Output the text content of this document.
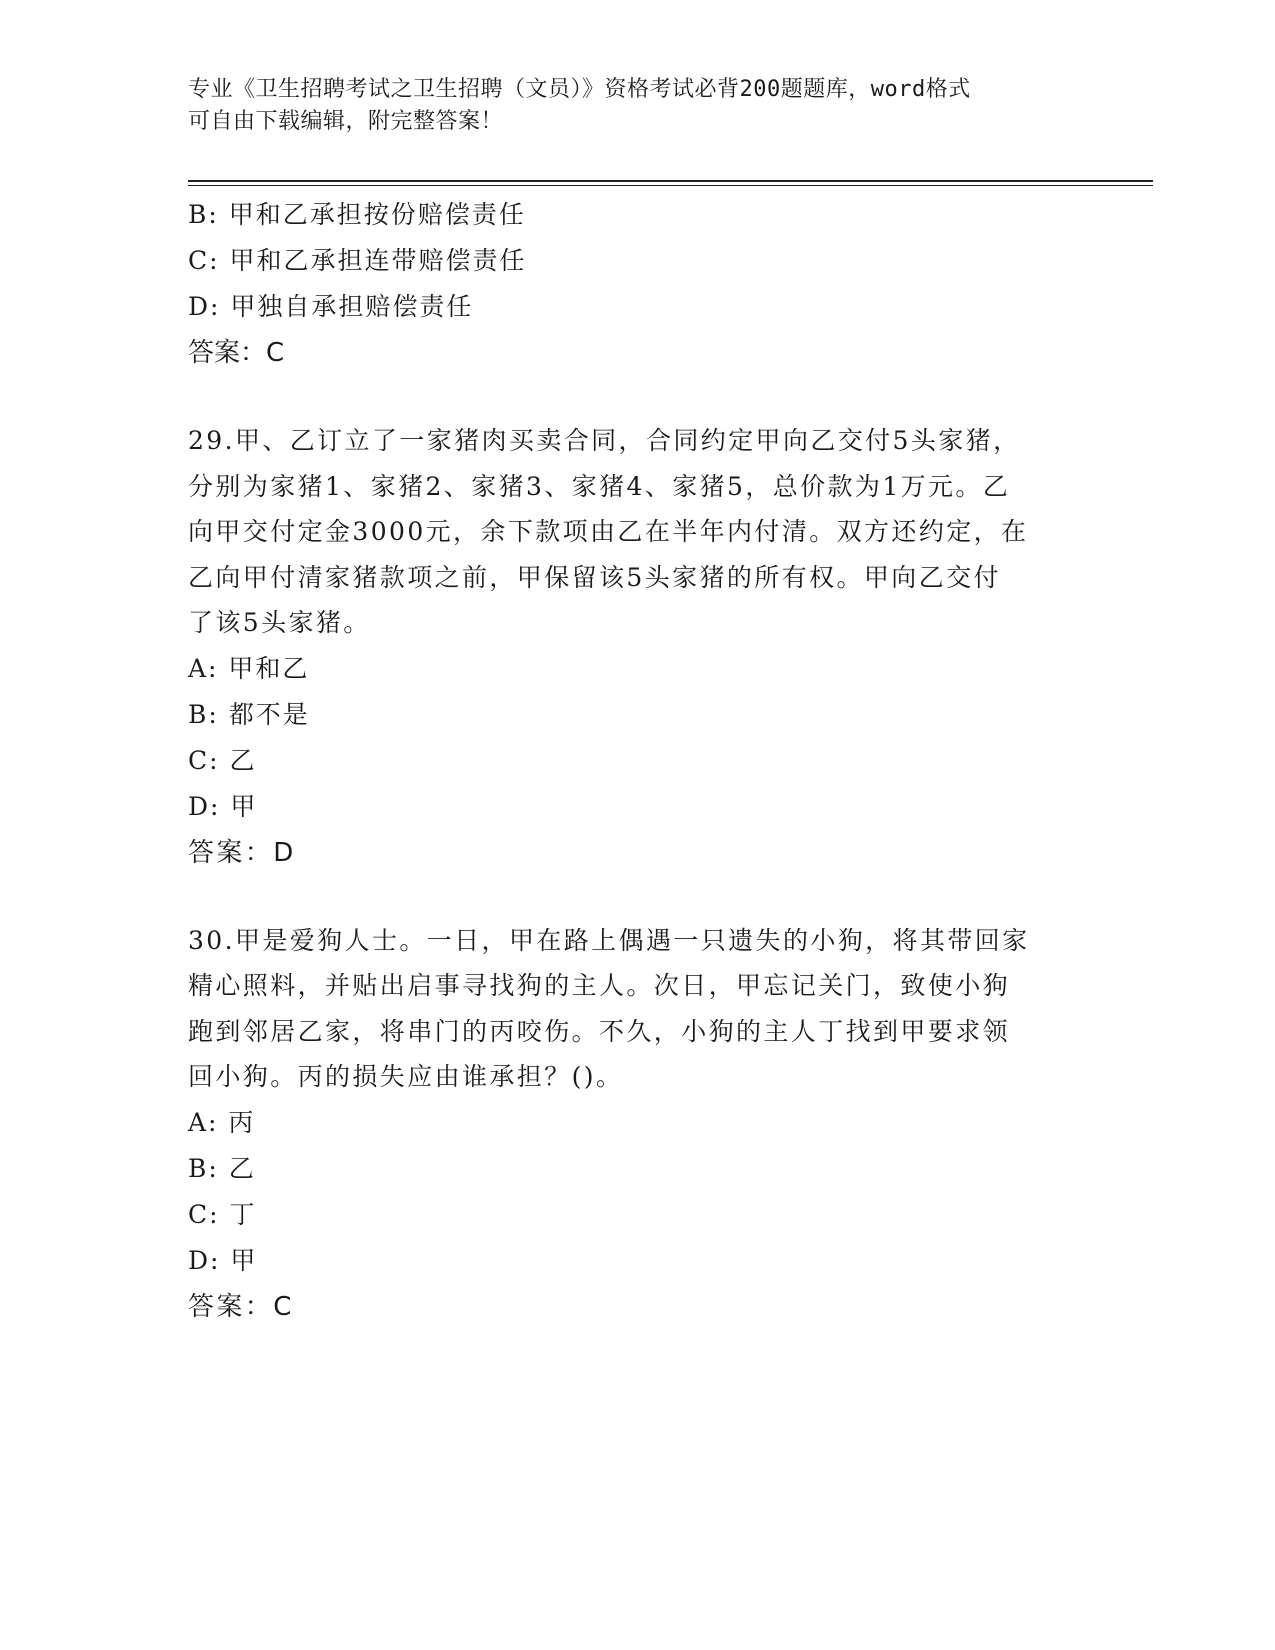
专业《卫生招聘考试之卫生招聘（文员）》资格考试必背200题题库，word格式
可自由下载编辑，附完整答案！
B: 甲和乙承担按份赔偿责任
C: 甲和乙承担连带赔偿责任
D: 甲独自承担赔偿责任
答案：C
29.甲、乙订立了一家猪肉买卖合同，合同约定甲向乙交付5头家猪，
分别为家猪1、家猪2、家猪3、家猪4、家猪5，总价款为1万元。乙
向甲交付定金3000元，余下款项由乙在半年内付清。双方还约定，在
乙向甲付清家猪款项之前，甲保留该5头家猪的所有权。甲向乙交付
了该5头家猪。
A: 甲和乙
B: 都不是
C: 乙
D: 甲
答案：D
30.甲是爱狗人士。一日，甲在路上偶遇一只遗失的小狗，将其带回家
精心照料，并贴出启事寻找狗的主人。次日，甲忘记关门，致使小狗
跑到邻居乙家，将串门的丙咬伤。不久，小狗的主人丁找到甲要求领
回小狗。丙的损失应由谁承担？()。
A: 丙
B: 乙
C: 丁
D: 甲
答案：C
